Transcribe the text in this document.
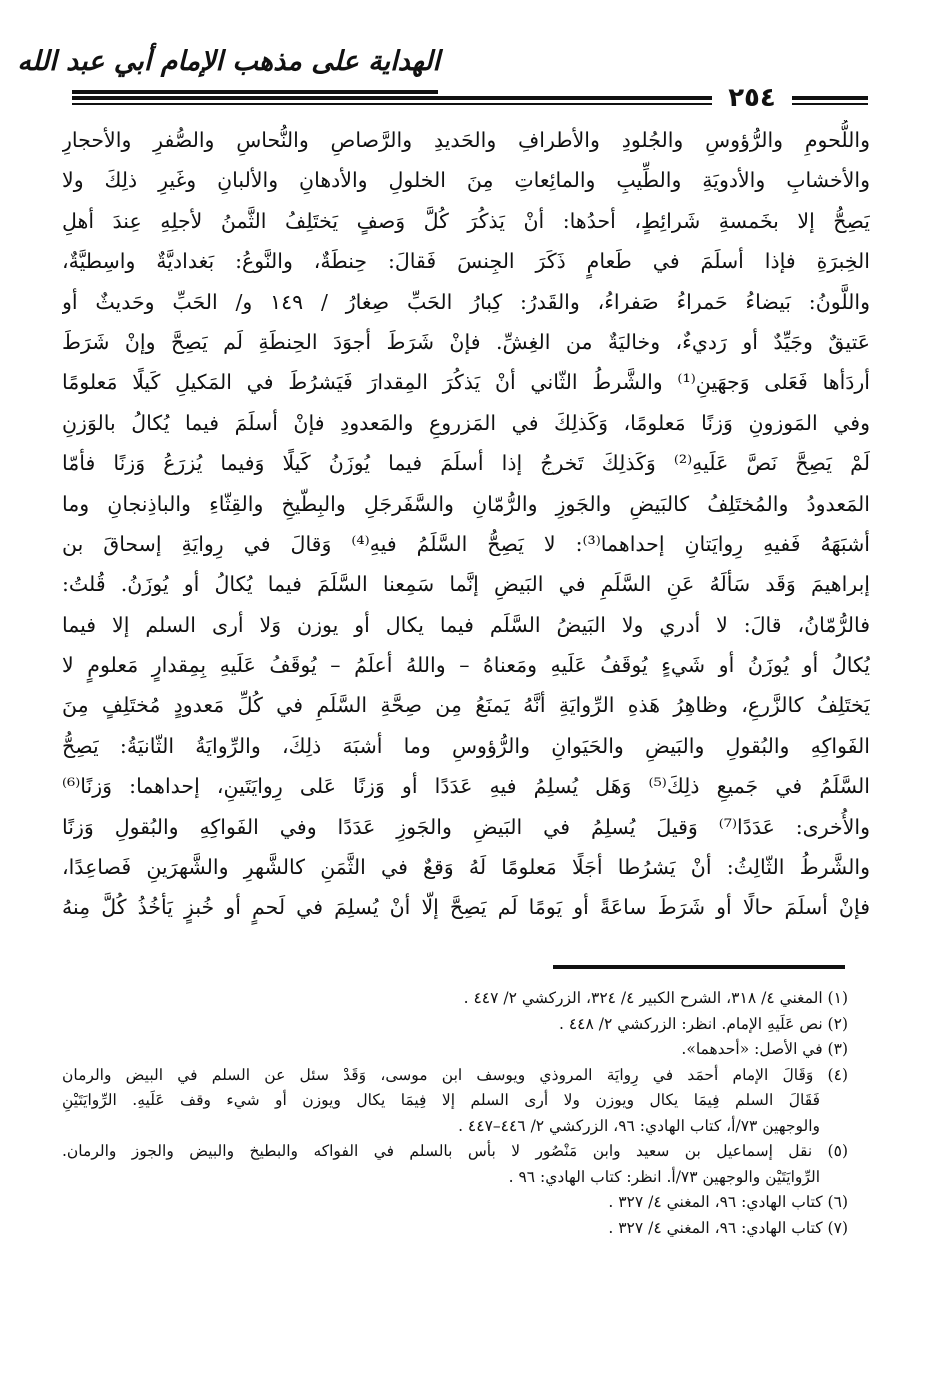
الهداية على مذهب الإمام أبي عبد الله
٢٥٤
واللُّحومِ والرُّؤوسِ والجُلودِ والأطرافِ والحَديدِ والرَّصاصِ والنُّحاسِ والصُّفرِ والأحجارِ
والأخشابِ والأدويَةِ والطِّيبِ والمائِعاتِ مِنَ الخلولِ والأدهانِ والألبانِ وغَيرِ ذلِكَ ولا
يَصِحُّ إلا بخَمسةِ شَرائِطٍ، أحدُها: أنْ يَذكُرَ كُلَّ وَصفٍ يَختَلِفُ الثَّمنُ لأجلِهِ عِندَ أهلِ
الخِبرَةِ فإذا أسلَمَ في طَعامٍ ذَكَرَ الجِنسَ فَقالَ: حِنطَةٌ، والنَّوعُ: بَغداديَّةٌ واسِطيَّةٌ،
واللَّونُ: بَيضاءُ حَمراءُ صَفراءُ، والقَدرُ: كِبارُ الحَبِّ صِغارُ / ١٤٩ و/ الحَبِّ وحَديثٌ أو
عَتيقٌ وجَيِّدٌ أو رَديءٌ، وخاليَةٌ من الغِشِّ. فإنْ شَرَطَ أجوَدَ الحِنطَةِ لَم يَصِحَّ وإنْ شَرَطَ
أردَأها فَعَلى وَجهَينِ⁽¹⁾ والشَّرطُ الثّاني أنْ يَذكُرَ المِقدارَ فَيَشرُطَ في المَكيلِ كَيلًا مَعلومًا
وفي المَوزونِ وَزنًا مَعلومًا، وَكَذلِكَ في المَزروعِ والمَعدودِ فإنْ أسلَمَ فيما يُكالُ بالوَزنِ
لَمْ يَصِحَّ نَصَّ عَلَيهِ⁽²⁾ وَكَذلِكَ تَخرجُ إذا أسلَمَ فيما يُوزَنُ كَيلًا وَفيما يُزرَعُ وَزنًا فأمّا
المَعدودُ والمُختَلِفُ كالبَيضِ والجَوزِ والرُّمّانِ والسَّفَرجَلِ والبِطّيخِ والقِثّاءِ والباذِنجانِ وما
أشبَهَهُ فَفيهِ رِوايَتانِ إحداهما⁽³⁾: لا يَصِحُّ السَّلَمُ فيهِ⁽⁴⁾ وَقالَ في رِوايَةِ إسحاقَ بن
إبراهيمَ وَقَد سَألَهُ عَنِ السَّلَمِ في البَيضِ إنَّما سَمِعنا السَّلَمَ فيما يُكالُ أو يُوزَنُ. قُلتُ:
فالرُّمّانُ، قالَ: لا أدري ولا البَيضُ السَّلَم فيما يكال أو يوزن وَلا أرى السلم إلا فيما
يُكالُ أو يُوزَنُ أو شَيءٍ يُوقَفُ عَلَيهِ ومَعناهُ – واللهُ أعلَمُ – يُوقَفُ عَلَيهِ بِمِقدارٍ مَعلومٍ لا
يَختَلِفُ كالزَّرعِ، وظاهِرُ هَذهِ الرِّوايَةِ أنَّهُ يَمنَعُ مِن صِحَّةِ السَّلَمِ في كُلِّ مَعدودٍ مُختَلِفٍ مِنَ
الفَواكِهِ والبُقولِ والبَيضِ والحَيَوانِ والرُّؤوسِ وما أشبَهَ ذلِكَ، والرِّوايَةُ الثّانيَةُ: يَصِحُّ
السَّلَمُ في جَميعِ ذلِكَ⁽⁵⁾ وَهَل يُسلِمُ فيهِ عَدَدًا أو وَزنًا عَلى رِوايَتَينِ، إحداهما: وَزنًا⁽⁶⁾
والأُخرى: عَدَدًا⁽⁷⁾ وَقيلَ يُسلِمُ في البَيضِ والجَوزِ عَدَدًا وفي الفَواكِهِ والبُقولِ وَزنًا
والشَّرطُ الثّالِثُ: أنْ يَشرُطا أجَلًا مَعلومًا لَهُ وَقعٌ في الثَّمَنِ كالشَّهرِ والشَّهرَينِ فَصاعِدًا،
فإنْ أسلَمَ حالًا أو شَرَطَ ساعَةً أو يَومًا لَم يَصِحَّ إلّا أنْ يُسلِمَ في لَحمٍ أو خُبزٍ يَأخُذُ كُلَّ مِنهُ
(١) المغني ٤/ ٣١٨، الشرح الكبير ٤/ ٣٢٤، الزركشي ٢/ ٤٤٧ .
(٢) نص عَلَيهِ الإمام. انظر: الزركشي ٢/ ٤٤٨ .
(٣) في الأصل: «أحدهما».
(٤) وَقَالَ الإمام أحمَد في رِوايَة المروذي ويوسف ابن موسى، وَقَدْ سئل عن السلم في البيض والرمان
فَقَالَ السلم فِيمَا يكال ويوزن ولا أرى السلم إلا فِيمَا يكال ويوزن أو شيء وقف عَلَيهِ. الرِّوايَتَيْنِ
والوجهين ٧٣/أ، كتاب الهادي: ٩٦، الزركشي ٢/ ٤٤٦–٤٤٧ .
(٥) نقل إسماعيل بن سعيد وابن مَنْصُور لا بأس بالسلم في الفواكه والبطيخ والبيض والجوز والرمان.
الرِّوايَتَيْن والوجهين ٧٣/أ. انظر: كتاب الهادي: ٩٦ .
(٦) كتاب الهادي: ٩٦، المغني ٤/ ٣٢٧ .
(٧) كتاب الهادي: ٩٦، المغني ٤/ ٣٢٧ .
